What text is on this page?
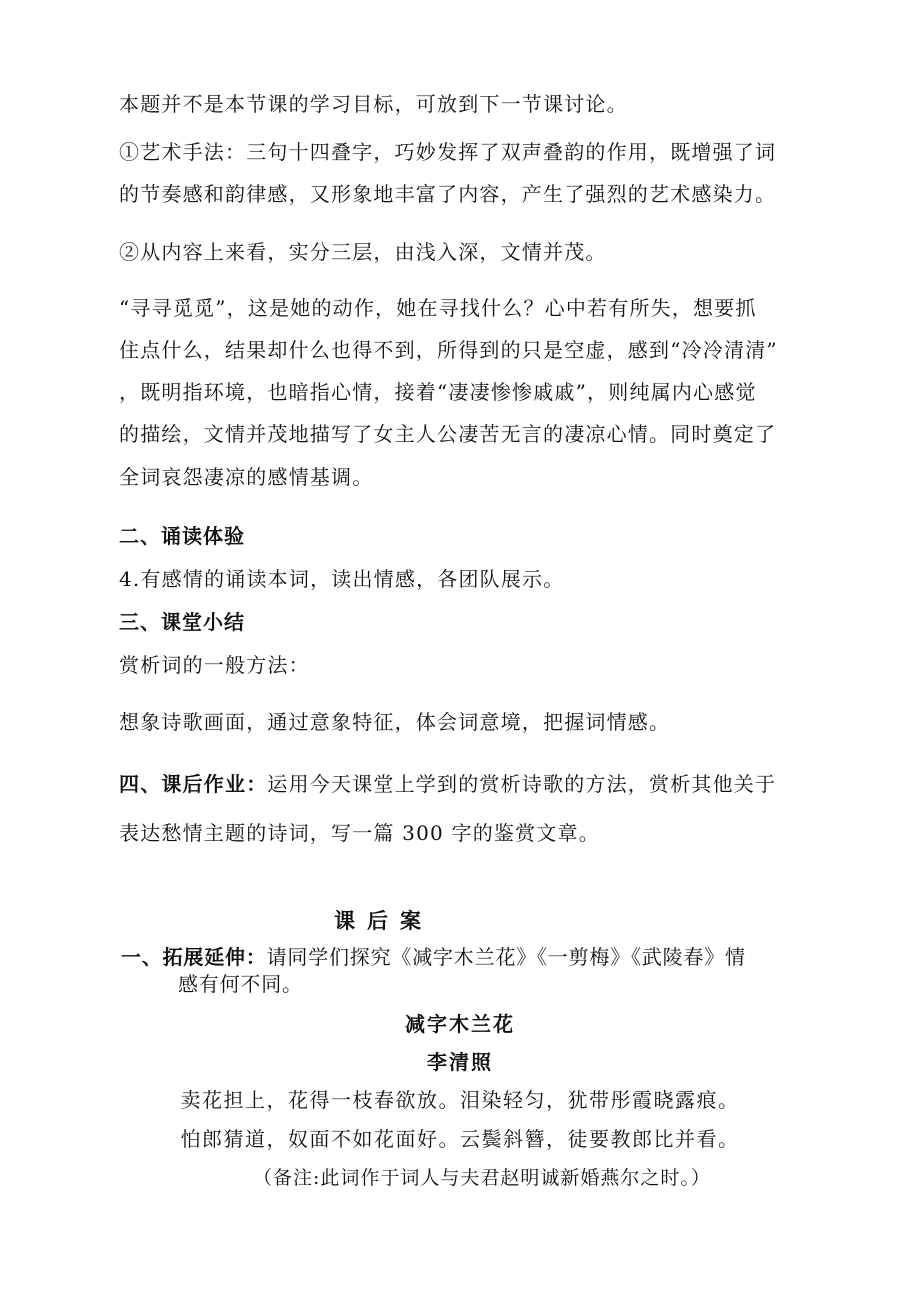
本题并不是本节课的学习目标，可放到下一节课讨论。
①艺术手法：三句十四叠字，巧妙发挥了双声叠韵的作用，既增强了词
的节奏感和韵律感，又形象地丰富了内容，产生了强烈的艺术感染力。
②从内容上来看，实分三层，由浅入深，文情并茂。
“寻寻觅觅”，这是她的动作，她在寻找什么？心中若有所失，想要抓
住点什么，结果却什么也得不到，所得到的只是空虚，感到“冷冷清清”
，既明指环境，也暗指心情，接着“凄凄惨惨戚戚”，则纯属内心感觉
的描绘，文情并茂地描写了女主人公凄苦无言的凄凉心情。同时奠定了
全词哀怨凄凉的感情基调。
二、诵读体验
4.有感情的诵读本词，读出情感，各团队展示。
三、课堂小结
赏析词的一般方法：
想象诗歌画面，通过意象特征，体会词意境，把握词情感。
四、课后作业：运用今天课堂上学到的赏析诗歌的方法，赏析其他关于
表达愁情主题的诗词，写一篇 300 字的鉴赏文章。
课后案
一、拓展延伸：请同学们探究《减字木兰花》《一剪梅》《武陵春》情
感有何不同。
减字木兰花
李清照
卖花担上，花得一枝春欲放。泪染轻匀，犹带彤霞晓露痕。
怕郎猜道，奴面不如花面好。云鬓斜簪，徒要教郎比并看。
（备注:此词作于词人与夫君赵明诚新婚燕尔之时。）
